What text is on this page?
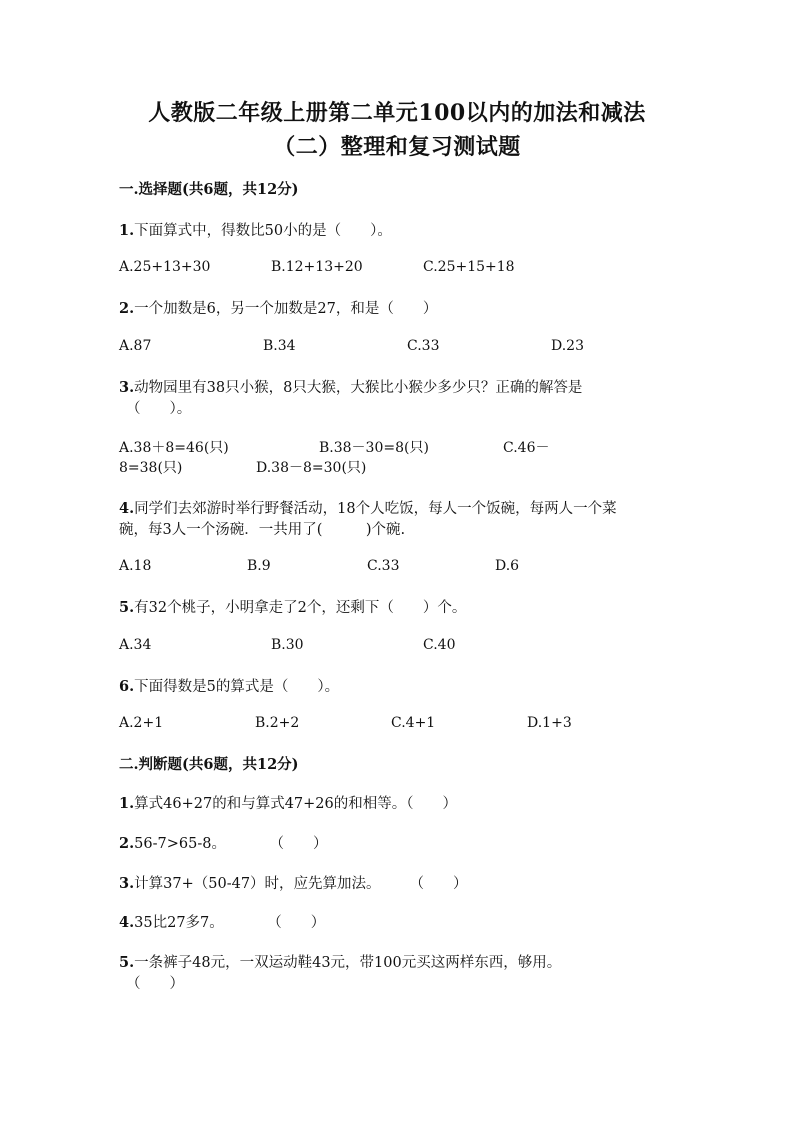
人教版二年级上册第二单元100以内的加法和减法
（二）整理和复习测试题
一.选择题(共6题，共12分)
1.下面算式中，得数比50小的是（　　）。
A.25+13+30	B.12+13+20	C.25+15+18
2.一个加数是6，另一个加数是27，和是（　　）
A.87	B.34	C.33	D.23
3.动物园里有38只小猴，8只大猴，大猴比小猴少多少只？正确的解答是
（　　）。
A.38＋8=46(只)	B.38－30=8(只)	C.46－
8=38(只)	D.38－8=30(只)
4.同学们去郊游时举行野餐活动，18个人吃饭，每人一个饭碗，每两人一个菜
碗，每3人一个汤碗．一共用了(　　　)个碗.
A.18	B.9	C.33	D.6
5.有32个桃子，小明拿走了2个，还剩下（　　）个。
A.34	B.30	C.40
6.下面得数是5的算式是（　　）。
A.2+1	B.2+2	C.4+1	D.1+3
二.判断题(共6题，共12分)
1.算式46+27的和与算式47+26的和相等。（　　）
2.56-7>65-8。　　　　（　　）
3.计算37+（50-47）时，应先算加法。　　　（　　）
4.35比27多7。　　　　（　　）
5.一条裤子48元，一双运动鞋43元，带100元买这两样东西，够用。
（　　）
